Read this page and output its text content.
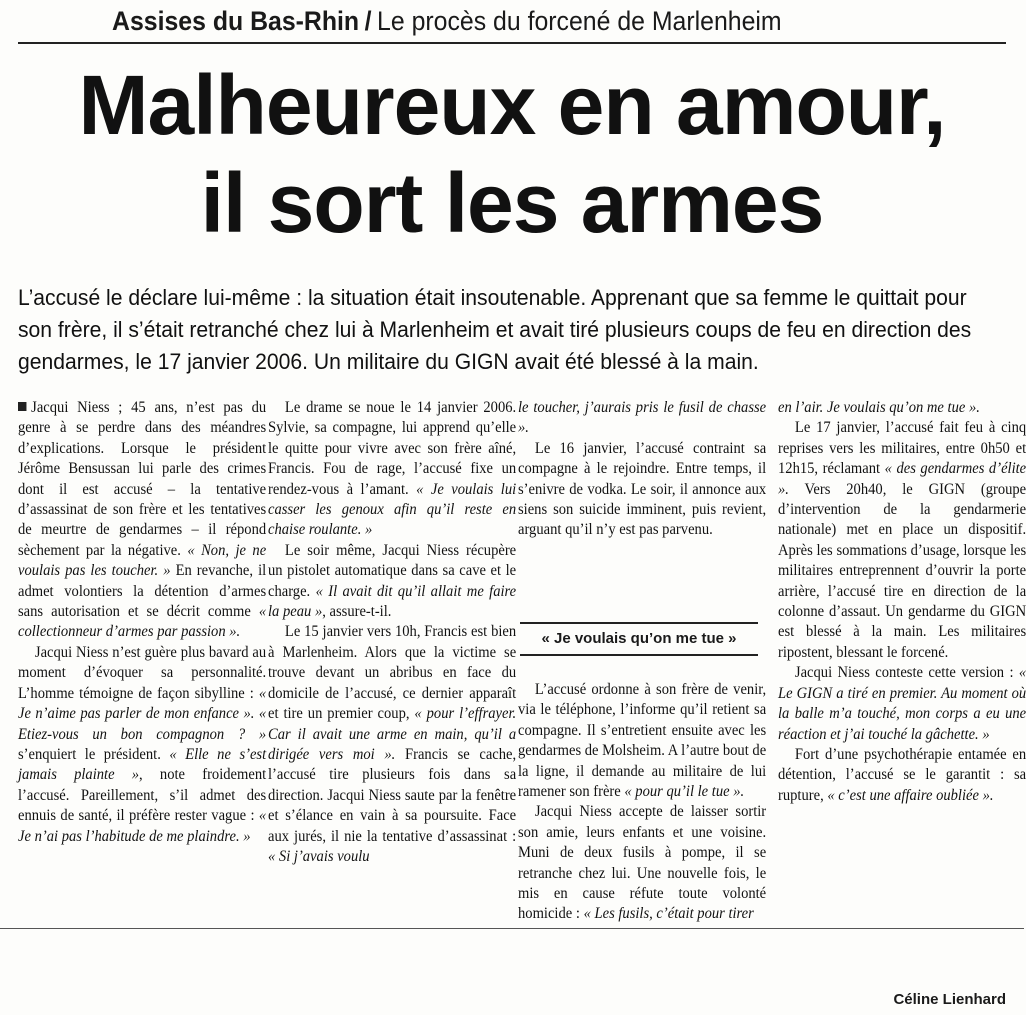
Assises du Bas-Rhin / Le procès du forcené de Marlenheim
Malheureux en amour,
il sort les armes
L’accusé le déclare lui-même : la situation était insoutenable. Apprenant que sa femme le quittait pour
son frère, il s’était retranché chez lui à Marlenheim et avait tiré plusieurs coups de feu en direction des
gendarmes, le 17 janvier 2006. Un militaire du GIGN avait été blessé à la main.

Jacqui Niess ; 45 ans, n’est pas du genre à se perdre dans des méandres d’explications. Lorsque le président Jérôme Bensussan lui parle des crimes dont il est accusé – la tentative d’assassinat de son frère et les tentatives de meurtre de gendarmes – il répond sèchement par la négative. « Non, je ne voulais pas les toucher. » En revanche, il admet volontiers la détention d’armes sans autorisation et se décrit comme « collectionneur d’armes par passion ».

Jacqui Niess n’est guère plus bavard au moment d’évoquer sa personnalité. L’homme témoigne de façon sibylline : « Je n’aime pas parler de mon enfance ». « Etiez-vous un bon compagnon ? » s’enquiert le président. « Elle ne s’est jamais plainte », note froidement l’accusé. Pareillement, s’il admet des ennuis de santé, il préfère rester vague : « Je n’ai pas l’habitude de me plaindre. »

Le drame se noue le 14 janvier 2006. Sylvie, sa compagne, lui apprend qu’elle le quitte pour vivre avec son frère aîné, Francis. Fou de rage, l’accusé fixe un rendez-vous à l’amant. « Je voulais lui casser les genoux afin qu’il reste en chaise roulante. »

Le soir même, Jacqui Niess récupère un pistolet automatique dans sa cave et le charge. « Il avait dit qu’il allait me faire la peau », assure-t-il.

Le 15 janvier vers 10h, Francis est bien à Marlenheim. Alors que la victime se trouve devant un abribus en face du domicile de l’accusé, ce dernier apparaît et tire un premier coup, « pour l’effrayer. Car il avait une arme en main, qu’il a dirigée vers moi ». Francis se cache, l’accusé tire plusieurs fois dans sa direction. Jacqui Niess saute par la fenêtre et s’élance en vain à sa poursuite. Face aux jurés, il nie la tentative d’assassinat : « Si j’avais voulu

le toucher, j’aurais pris le fusil de chasse ».

Le 16 janvier, l’accusé contraint sa compagne à le rejoindre. Entre temps, il s’enivre de vodka. Le soir, il annonce aux siens son suicide imminent, puis revient, arguant qu’il n’y est pas parvenu.

« Je voulais qu’on me tue »

L’accusé ordonne à son frère de venir, via le téléphone, l’informe qu’il retient sa compagne. Il s’entretient ensuite avec les gendarmes de Molsheim. A l’autre bout de la ligne, il demande au militaire de lui ramener son frère « pour qu’il le tue ».

Jacqui Niess accepte de laisser sortir son amie, leurs enfants et une voisine. Muni de deux fusils à pompe, il se retranche chez lui. Une nouvelle fois, le mis en cause réfute toute volonté homicide : « Les fusils, c’était pour tirer

en l’air. Je voulais qu’on me tue ».

Le 17 janvier, l’accusé fait feu à cinq reprises vers les militaires, entre 0h50 et 12h15, réclamant « des gendarmes d’élite ». Vers 20h40, le GIGN (groupe d’intervention de la gendarmerie nationale) met en place un dispositif. Après les sommations d’usage, lorsque les militaires entreprennent d’ouvrir la porte arrière, l’accusé tire en direction de la colonne d’assaut. Un gendarme du GIGN est blessé à la main. Les militaires ripostent, blessant le forcené.

Jacqui Niess conteste cette version : « Le GIGN a tiré en premier. Au moment où la balle m’a touché, mon corps a eu une réaction et j’ai touché la gâchette. »

Fort d’une psychothérapie entamée en détention, l’accusé se le garantit : sa rupture, « c’est une affaire oubliée ».

Céline Lienhard
